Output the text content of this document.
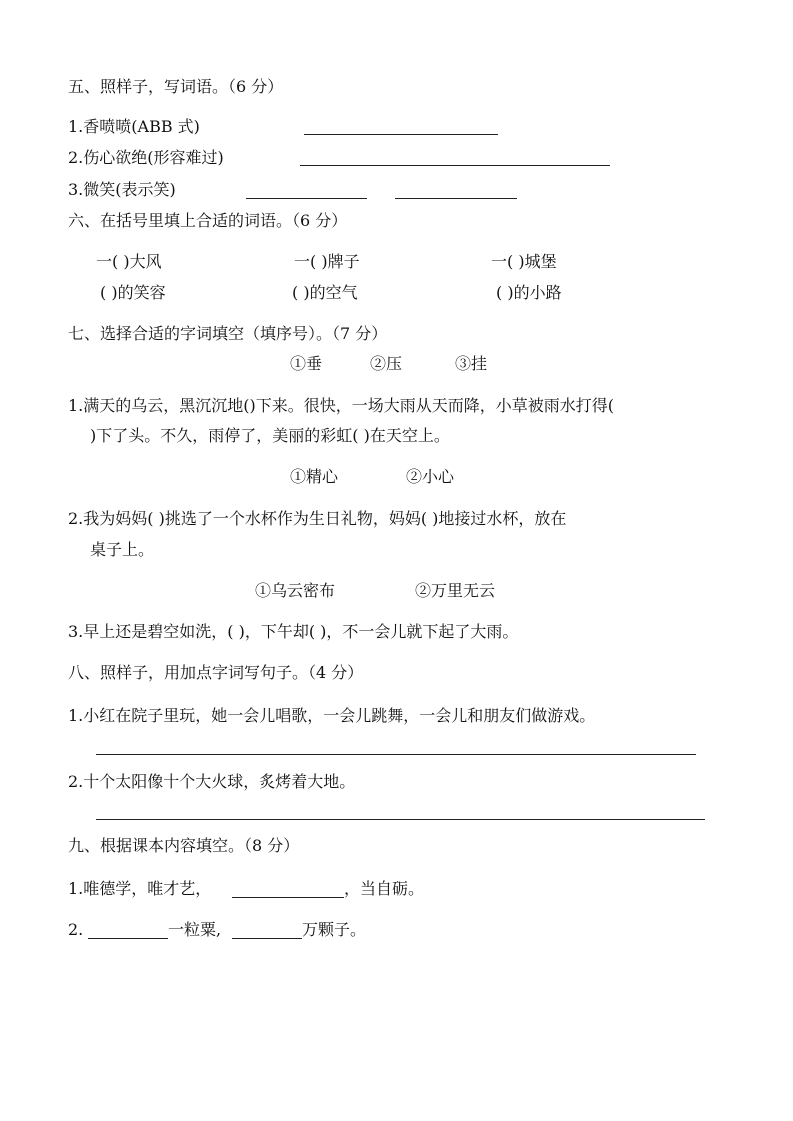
五、照样子，写词语。（6 分）
1.香喷喷(ABB 式)
2.伤心欲绝(形容难过)
3.微笑(表示笑)
六、在括号里填上合适的词语。（6 分）
一( )大风	一( )牌子	一( )城堡
( )的笑容	( )的空气	( )的小路
七、选择合适的字词填空（填序号）。（7 分）
①垂	②压	③挂
1.满天的乌云，黑沉沉地()下来。很快，一场大雨从天而降，小草被雨水打得(
)下了头。不久，雨停了，美丽的彩虹( )在天空上。
①精心	②小心
2.我为妈妈( )挑选了一个水杯作为生日礼物，妈妈( )地接过水杯，放在
桌子上。
①乌云密布	②万里无云
3.早上还是碧空如洗，( )，下午却( )，不一会儿就下起了大雨。
八、照样子，用加点字词写句子。（4 分）
1.小红在院子里玩，她一会儿唱歌，一会儿跳舞，一会儿和朋友们做游戏。
2.十个太阳像十个大火球，炙烤着大地。
九、根据课本内容填空。（8 分）
1.唯德学，唯才艺，	，当自砺。
2.	一粒粟,	万颗子。
